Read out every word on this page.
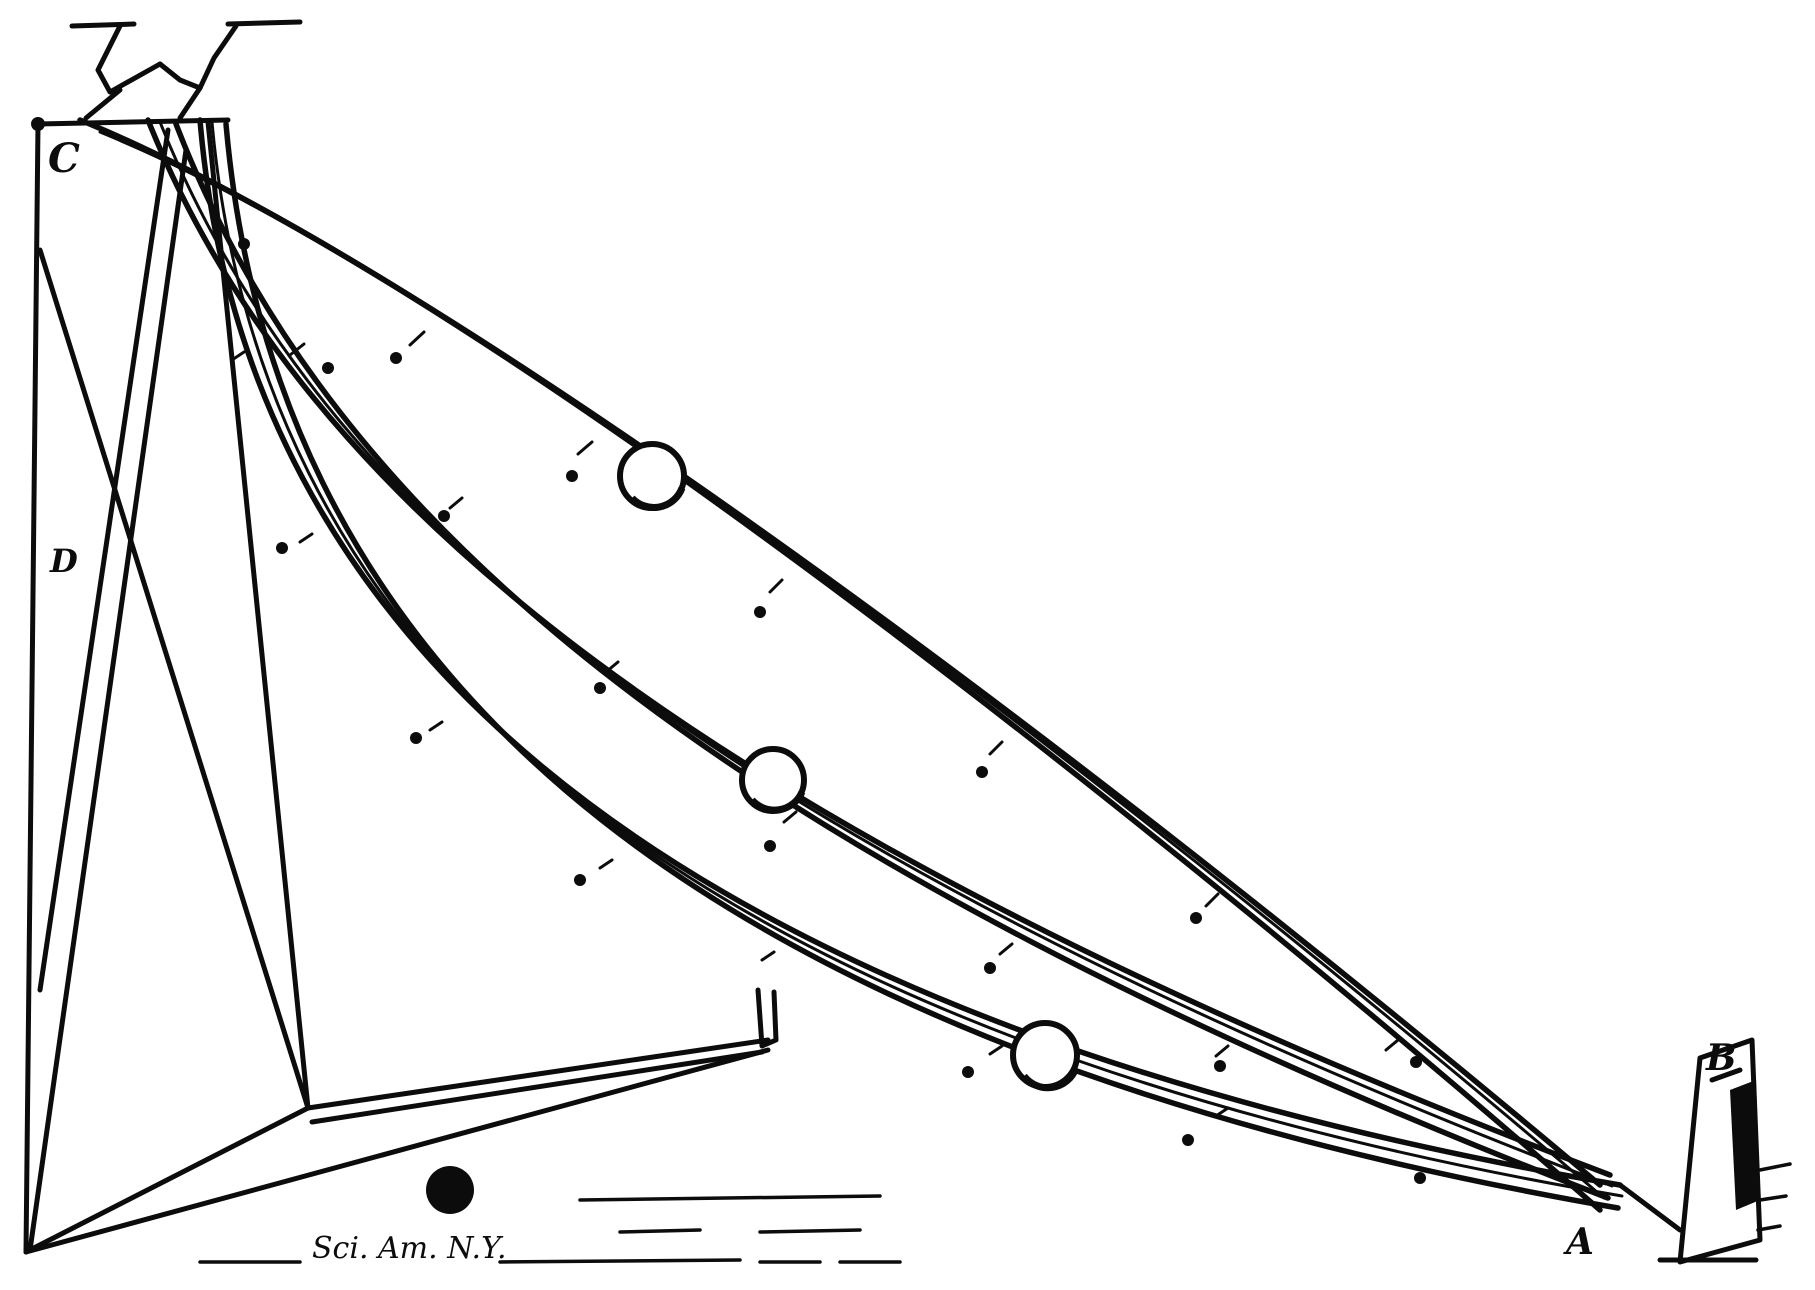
C
D
B
A
Sci. Am. N.Y.
